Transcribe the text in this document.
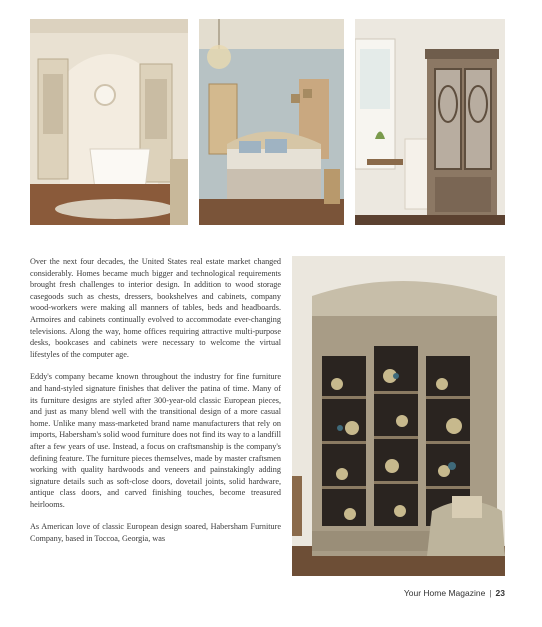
Over the next four decades, the United States real estate market changed considerably. Homes became much bigger and technological requirements brought fresh challenges to interior design. In addition to wood storage casegoods such as chests, dressers, bookshelves and cabinets, company wood-workers were making all manners of tables, beds and headboards. Armoires and cabinets continually evolved to accommodate ever-changing televisions. Along the way, home offices requiring attractive multi-purpose desks, bookcases and cabinets were necessary to welcome the virtual lifestyles of the computer age.

Eddy's company became known throughout the industry for fine furniture and hand-styled signature finishes that deliver the patina of time. Many of its furniture designs are styled after 300-year-old classic European pieces, and just as many blend well with the transitional design of a more casual home. Unlike many mass-marketed brand name manufacturers that rely on imports, Habersham's solid wood furniture does not find its way to a landfill after a few years of use. Instead, a focus on craftsmanship is the company's defining feature. The furniture pieces themselves, made by master craftsmen working with quality hardwoods and veneers and painstakingly adding signature details such as soft-close doors, dovetail joints, solid hardware, antique class doors, and carved finishing touches, become treasured heirlooms.

As American love of classic European design soared, Habersham Furniture Company, based in Toccoa, Georgia, was

Your Home Magazine | 23
